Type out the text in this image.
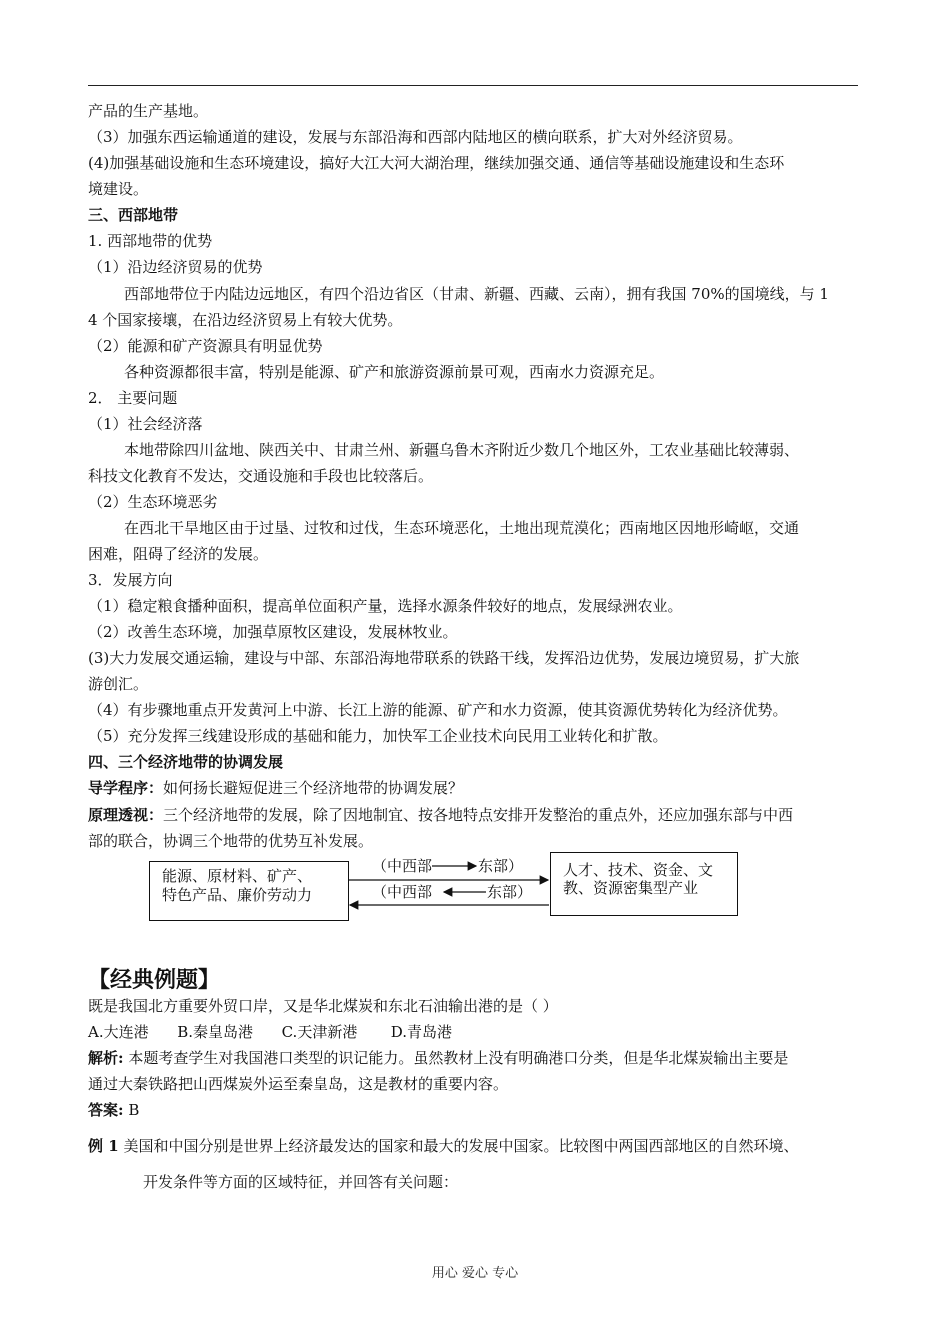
产品的生产基地。
（3）加强东西运输通道的建设，发展与东部沿海和西部内陆地区的横向联系，扩大对外经济贸易。
(4)加强基础设施和生态环境建设，搞好大江大河大湖治理，继续加强交通、通信等基础设施建设和生态环
境建设。
三、西部地带
1. 西部地带的优势
（1）沿边经济贸易的优势
西部地带位于内陆边远地区，有四个沿边省区（甘肃、新疆、西藏、云南），拥有我国 70%的国境线，与 1
4 个国家接壤，在沿边经济贸易上有较大优势。
（2）能源和矿产资源具有明显优势
各种资源都很丰富，特别是能源、矿产和旅游资源前景可观，西南水力资源充足。
2． 主要问题
（1）社会经济落
本地带除四川盆地、陕西关中、甘肃兰州、新疆乌鲁木齐附近少数几个地区外，工农业基础比较薄弱、
科技文化教育不发达，交通设施和手段也比较落后。
（2）生态环境恶劣
在西北干旱地区由于过垦、过牧和过伐，生态环境恶化，土地出现荒漠化；西南地区因地形崎岖，交通
困难，阻碍了经济的发展。
3．发展方向
（1）稳定粮食播种面积，提高单位面积产量，选择水源条件较好的地点，发展绿洲农业。
（2）改善生态环境，加强草原牧区建设，发展林牧业。
(3)大力发展交通运输，建设与中部、东部沿海地带联系的铁路干线，发挥沿边优势，发展边境贸易，扩大旅
游创汇。
（4）有步骤地重点开发黄河上中游、长江上游的能源、矿产和水力资源，使其资源优势转化为经济优势。
（5）充分发挥三线建设形成的基础和能力，加快军工企业技术向民用工业转化和扩散。
四、三个经济地带的协调发展
导学程序：如何扬长避短促进三个经济地带的协调发展？
原理透视：三个经济地带的发展，除了因地制宜、按各地特点安排开发整治的重点外，还应加强东部与中西
部的联合，协调三个地带的优势互补发展。
能源、原材料、矿产、
特色产品、廉价劳动力
人才、技术、资金、文
教、资源密集型产业
（中西部	东部）
（中西部	东部）
【经典例题】
既是我国北方重要外贸口岸，又是华北煤炭和东北石油输出港的是（ ）
A.大连港      B.秦皇岛港      C.天津新港       D.青岛港
解析: 本题考查学生对我国港口类型的识记能力。虽然教材上没有明确港口分类，但是华北煤炭输出主要是
通过大秦铁路把山西煤炭外运至秦皇岛，这是教材的重要内容。
答案: B
例 1 美国和中国分别是世界上经济最发达的国家和最大的发展中国家。比较图中两国西部地区的自然环境、
开发条件等方面的区域特征，并回答有关问题：
用心 爱心 专心
